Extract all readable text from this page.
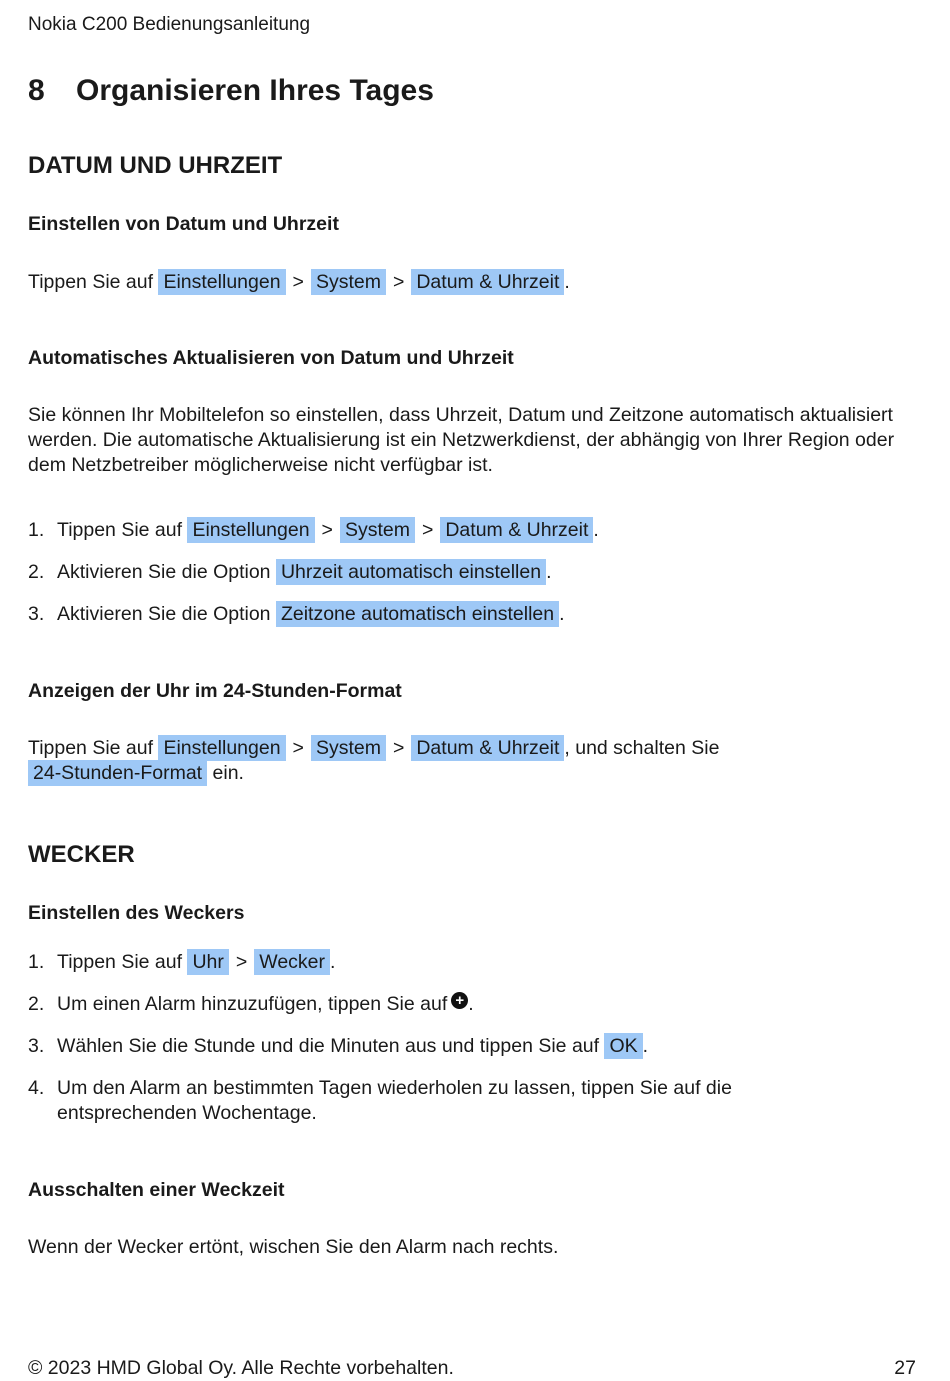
Nokia C200 Bedienungsanleitung
8 Organisieren Ihres Tages
DATUM UND UHRZEIT
Einstellen von Datum und Uhrzeit
Tippen Sie auf Einstellungen > System > Datum & Uhrzeit .
Automatisches Aktualisieren von Datum und Uhrzeit
Sie können Ihr Mobiltelefon so einstellen, dass Uhrzeit, Datum und Zeitzone automatisch aktualisiert werden. Die automatische Aktualisierung ist ein Netzwerkdienst, der abhängig von Ihrer Region oder dem Netzbetreiber möglicherweise nicht verfügbar ist.
1. Tippen Sie auf Einstellungen > System > Datum & Uhrzeit .
2. Aktivieren Sie die Option Uhrzeit automatisch einstellen .
3. Aktivieren Sie die Option Zeitzone automatisch einstellen .
Anzeigen der Uhr im 24-Stunden-Format
Tippen Sie auf Einstellungen > System > Datum & Uhrzeit , und schalten Sie
24-Stunden-Format ein.
WECKER
Einstellen des Weckers
1. Tippen Sie auf Uhr > Wecker .
2. Um einen Alarm hinzuzufügen, tippen Sie auf + .
3. Wählen Sie die Stunde und die Minuten aus und tippen Sie auf OK .
4. Um den Alarm an bestimmten Tagen wiederholen zu lassen, tippen Sie auf die
entsprechenden Wochentage.
Ausschalten einer Weckzeit
Wenn der Wecker ertönt, wischen Sie den Alarm nach rechts.
© 2023 HMD Global Oy. Alle Rechte vorbehalten.	27
